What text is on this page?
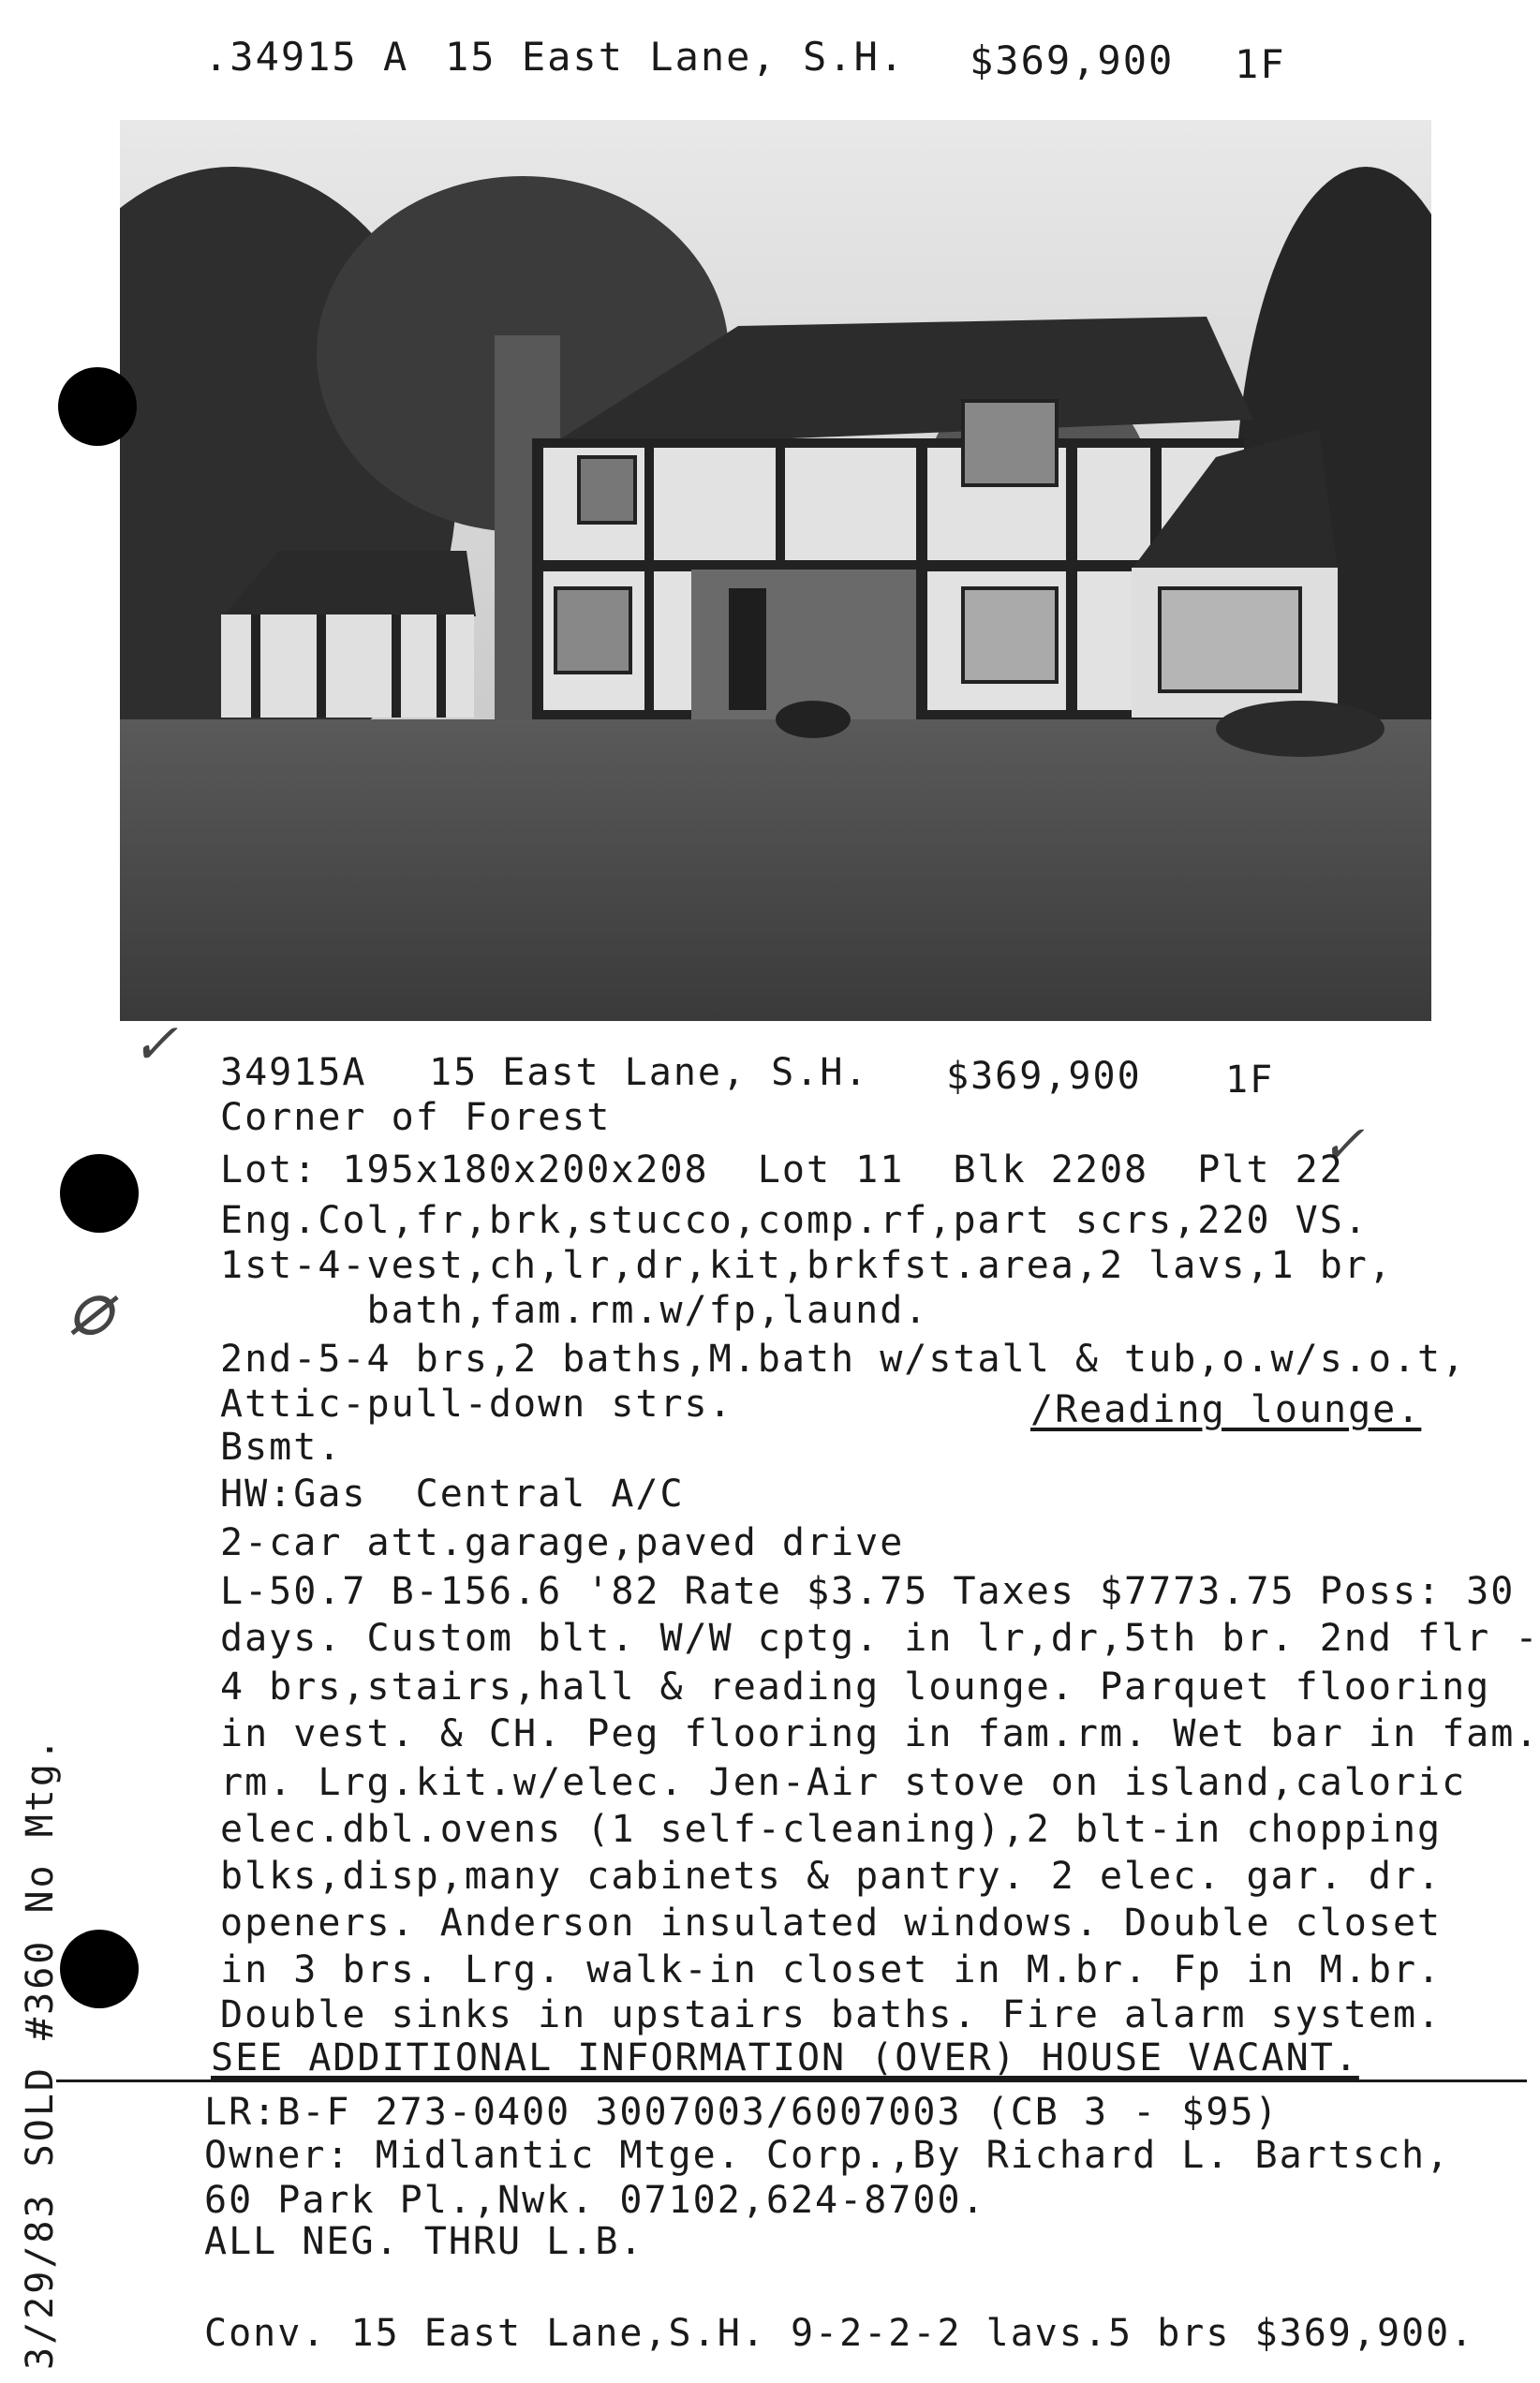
.34915 A 15 East Lane, S.H. $369,900 1F
✓
✓
⌀
34915A 15 East Lane, S.H. $369,900 1F
Corner of Forest
Lot: 195x180x200x208  Lot 11  Blk 2208  Plt 22
Eng.Col,fr,brk,stucco,comp.rf,part scrs,220 VS.
1st-4-vest,ch,lr,dr,kit,brkfst.area,2 lavs,1 br,
bath,fam.rm.w/fp,laund.
2nd-5-4 brs,2 baths,M.bath w/stall & tub,o.w/s.o.t,
Attic-pull-down strs.	/Reading lounge.
Bsmt.
HW:Gas  Central A/C
2-car att.garage,paved drive
L-50.7 B-156.6 '82 Rate $3.75 Taxes $7773.75 Poss: 30
days. Custom blt. W/W cptg. in lr,dr,5th br. 2nd flr -
4 brs,stairs,hall & reading lounge. Parquet flooring
in vest. & CH. Peg flooring in fam.rm. Wet bar in fam.
rm. Lrg.kit.w/elec. Jen-Air stove on island,caloric
elec.dbl.ovens (1 self-cleaning),2 blt-in chopping
blks,disp,many cabinets & pantry. 2 elec. gar. dr.
openers. Anderson insulated windows. Double closet
in 3 brs. Lrg. walk-in closet in M.br. Fp in M.br.
Double sinks in upstairs baths. Fire alarm system.
SEE ADDITIONAL INFORMATION (OVER) HOUSE VACANT.
LR:B-F 273-0400 3007003/6007003 (CB 3 - $95)
Owner: Midlantic Mtge. Corp.,By Richard L. Bartsch,
60 Park Pl.,Nwk. 07102,624-8700.
ALL NEG. THRU L.B.
Conv. 15 East Lane,S.H. 9-2-2-2 lavs.5 brs $369,900.
3/29/83 SOLD #360 No Mtg.
